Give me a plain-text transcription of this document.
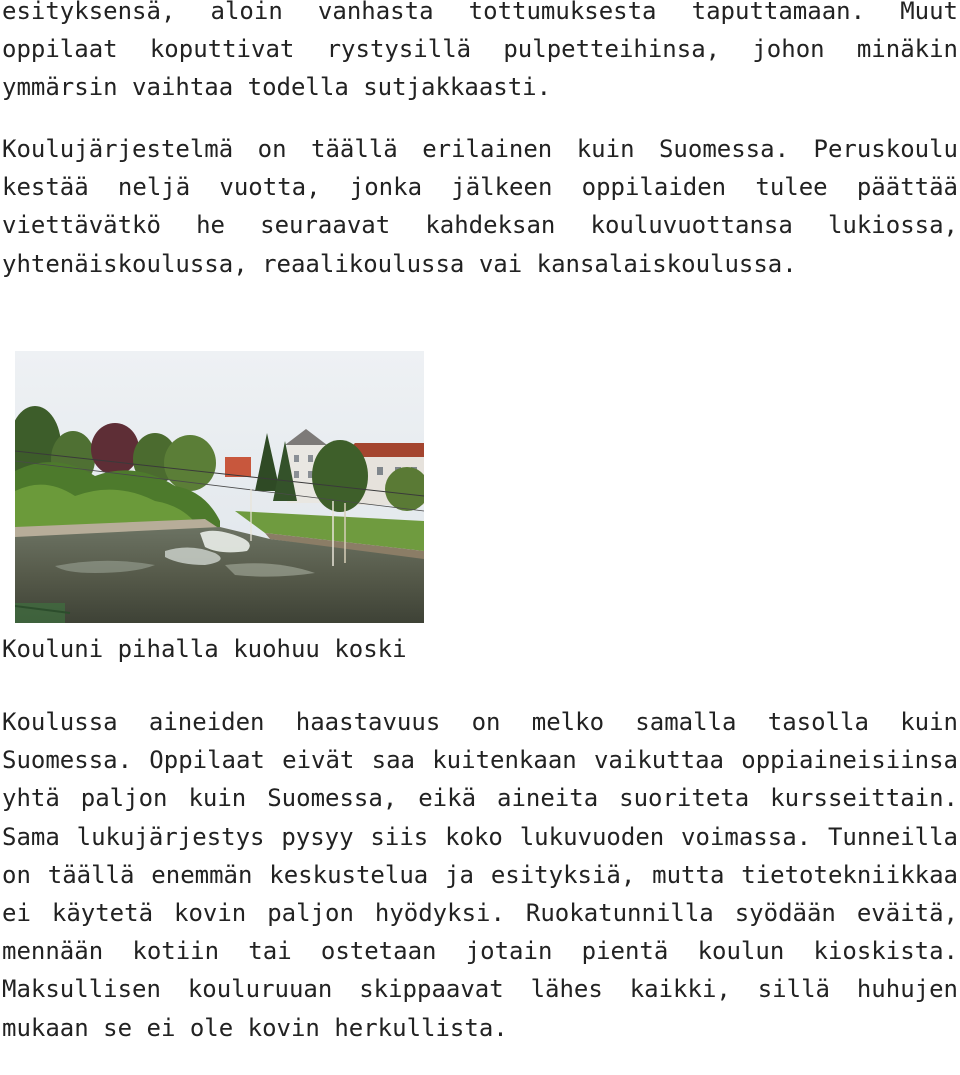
esityksensä, aloin vanhasta tottumuksesta taputtamaan. Muut oppilaat koputtivat rystysillä pulpetteihinsa, johon minäkin ymmärsin vaihtaa todella sutjakkaasti.

Koulujärjestelmä on täällä erilainen kuin Suomessa. Peruskoulu kestää neljä vuotta, jonka jälkeen oppilaiden tulee päättää viettävätkö he seuraavat kahdeksan kouluvuottansa lukiossa, yhtenäiskoulussa, reaalikoulussa vai kansalaiskoulussa.

Kouluni pihalla kuohuu koski

Koulussa aineiden haastavuus on melko samalla tasolla kuin Suomessa. Oppilaat eivät saa kuitenkaan vaikuttaa oppiaineisiinsa yhtä paljon kuin Suomessa, eikä aineita suoriteta kursseittain. Sama lukujärjestys pysyy siis koko lukuvuoden voimassa. Tunneilla on täällä enemmän keskustelua ja esityksiä, mutta tietotekniikkaa ei käytetä kovin paljon hyödyksi. Ruokatunnilla syödään eväitä, mennään kotiin tai ostetaan jotain pientä koulun kioskista. Maksullisen kouluruuan skippaavat lähes kaikki, sillä huhujen mukaan se ei ole kovin herkullista.
